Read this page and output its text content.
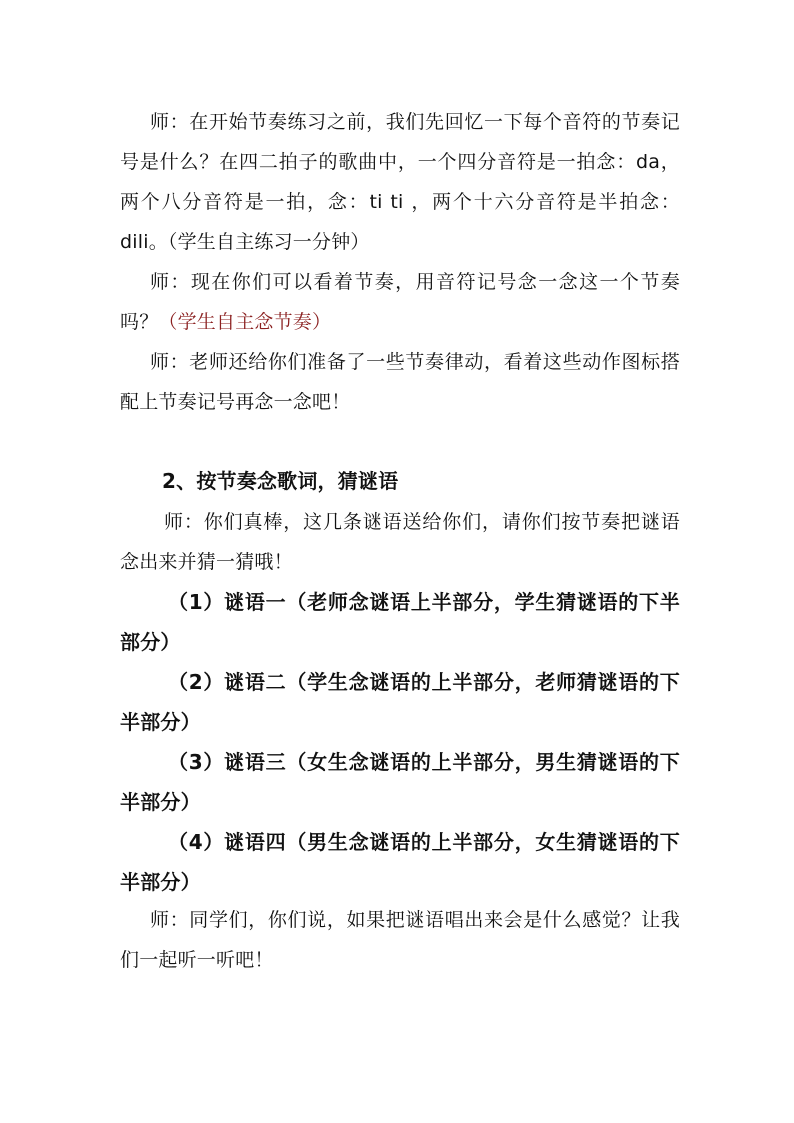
师：在开始节奏练习之前，我们先回忆一下每个音符的节奏记号是什么？在四二拍子的歌曲中，一个四分音符是一拍念：da，两个八分音符是一拍，念：ti ti ，两个十六分音符是半拍念：dili。（学生自主练习一分钟）

师：现在你们可以看着节奏，用音符记号念一念这一个节奏吗？（学生自主念节奏）

师：老师还给你们准备了一些节奏律动，看着这些动作图标搭配上节奏记号再念一念吧！

2、按节奏念歌词，猜谜语

师：你们真棒，这几条谜语送给你们，请你们按节奏把谜语念出来并猜一猜哦！

（1）谜语一（老师念谜语上半部分，学生猜谜语的下半部分）

（2）谜语二（学生念谜语的上半部分，老师猜谜语的下半部分）

（3）谜语三（女生念谜语的上半部分，男生猜谜语的下半部分）

（4）谜语四（男生念谜语的上半部分，女生猜谜语的下半部分）

师：同学们，你们说，如果把谜语唱出来会是什么感觉？让我们一起听一听吧！
